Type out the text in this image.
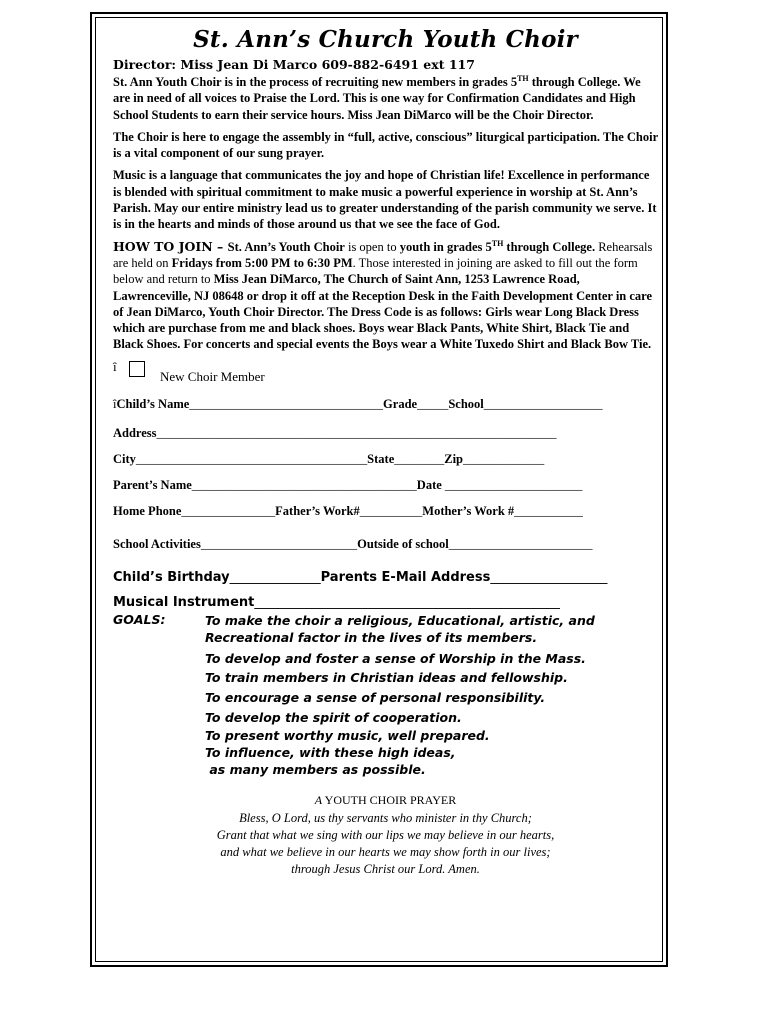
St. Ann’s Church Youth Choir
Director: Miss Jean Di Marco 609-882-6491 ext 117

St. Ann Youth Choir is in the process of recruiting new members in grades 5TH through College. We are in need of all voices to Praise the Lord. This is one way for Confirmation Candidates and High School Students to earn their service hours. Miss Jean DiMarco will be the Choir Director.

The Choir is here to engage the assembly in “full, active, conscious” liturgical participation. The Choir is a vital component of our sung prayer.

Music is a language that communicates the joy and hope of Christian life! Excellence in performance is blended with spiritual commitment to make music a powerful experience in worship at St. Ann’s Parish. May our entire ministry lead us to greater understanding of the parish community we serve. It is in the hearts and minds of those around us that we see the face of God.

HOW TO JOIN – St. Ann’s Youth Choir is open to youth in grades 5TH through College. Rehearsals are held on Fridays from 5:00 PM to 6:30 PM. Those interested in joining are asked to fill out the form below and return to Miss Jean DiMarco, The Church of Saint Ann, 1253 Lawrence Road, Lawrenceville, NJ 08648 or drop it off at the Reception Desk in the Faith Development Center in care of Jean DiMarco, Youth Choir Director. The Dress Code is as follows: Girls wear Long Black Dress which are purchase from me and black shoes. Boys wear Black Pants, White Shirt, Black Tie and Black Shoes. For concerts and special events the Boys wear a White Tuxedo Shirt and Black Bow Tie.

î
New Choir Member
îChild’s Name_______________________________Grade_____School___________________
Address________________________________________________________________
City_____________________________________State________Zip_____________
Parent’s Name____________________________________Date ______________________
Home Phone_______________Father’s Work#__________Mother’s Work #___________
School Activities_________________________Outside of school_______________________
Child’s Birthday______________Parents E-Mail Address__________________
Musical Instrument_______________________________________________
GOALS:	To make the choir a religious, Educational, artistic, and
Recreational factor in the lives of its members.
To develop and foster a sense of Worship in the Mass.
To train members in Christian ideas and fellowship.
To encourage a sense of personal responsibility.
To develop the spirit of cooperation.
To present worthy music, well prepared.
To influence, with these high ideas,
as many members as possible.
A YOUTH CHOIR PRAYER
Bless, O Lord, us thy servants who minister in thy Church;
Grant that what we sing with our lips we may believe in our hearts,
and what we believe in our hearts we may show forth in our lives;
through Jesus Christ our Lord. Amen.
